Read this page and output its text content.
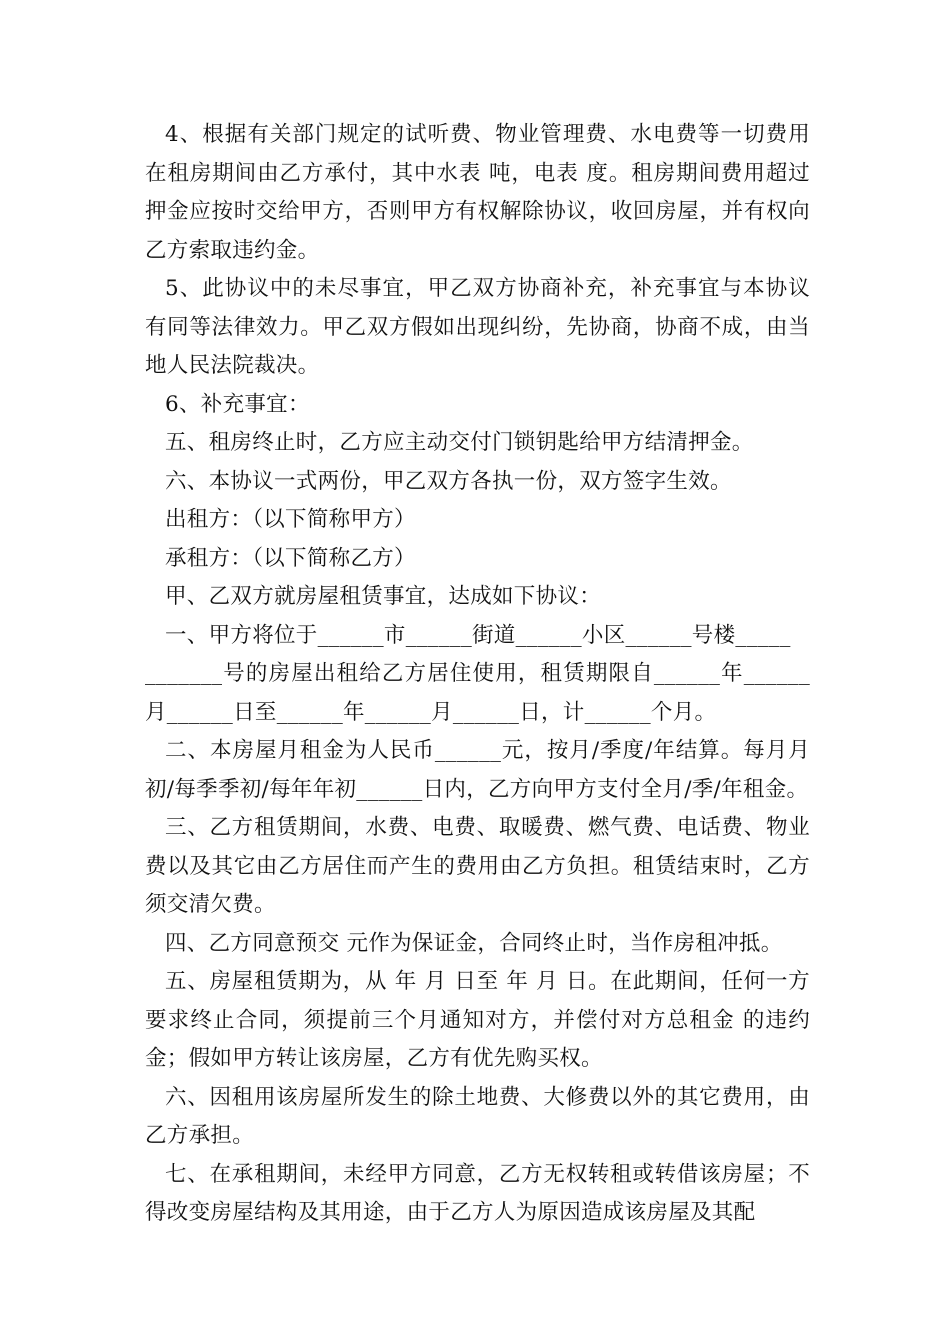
4、根据有关部门规定的试听费、物业管理费、水电费等一切费用在租房期间由乙方承付，其中水表 吨，电表 度。租房期间费用超过押金应按时交给甲方，否则甲方有权解除协议，收回房屋，并有权向乙方索取违约金。

5、此协议中的未尽事宜，甲乙双方协商补充，补充事宜与本协议有同等法律效力。甲乙双方假如出现纠纷，先协商，协商不成，由当地人民法院裁决。

6、补充事宜：

五、租房终止时，乙方应主动交付门锁钥匙给甲方结清押金。

六、本协议一式两份，甲乙双方各执一份，双方签字生效。

出租方：（以下简称甲方）

承租方：（以下简称乙方）

甲、乙双方就房屋租赁事宜，达成如下协议：

一、甲方将位于______市______街道______小区______号楼_____
_______号的房屋出租给乙方居住使用，租赁期限自______年______月______日至______年______月______日，计______个月。

二、本房屋月租金为人民币______元，按月/季度/年结算。每月月初/每季季初/每年年初______日内，乙方向甲方支付全月/季/年租金。

三、乙方租赁期间，水费、电费、取暖费、燃气费、电话费、物业费以及其它由乙方居住而产生的费用由乙方负担。租赁结束时，乙方须交清欠费。

四、乙方同意预交 元作为保证金，合同终止时，当作房租冲抵。

五、房屋租赁期为，从 年 月 日至 年 月 日。在此期间，任何一方要求终止合同，须提前三个月通知对方，并偿付对方总租金 的违约金；假如甲方转让该房屋，乙方有优先购买权。

六、因租用该房屋所发生的除土地费、大修费以外的其它费用，由乙方承担。

七、在承租期间，未经甲方同意，乙方无权转租或转借该房屋；不得改变房屋结构及其用途，由于乙方人为原因造成该房屋及其配
